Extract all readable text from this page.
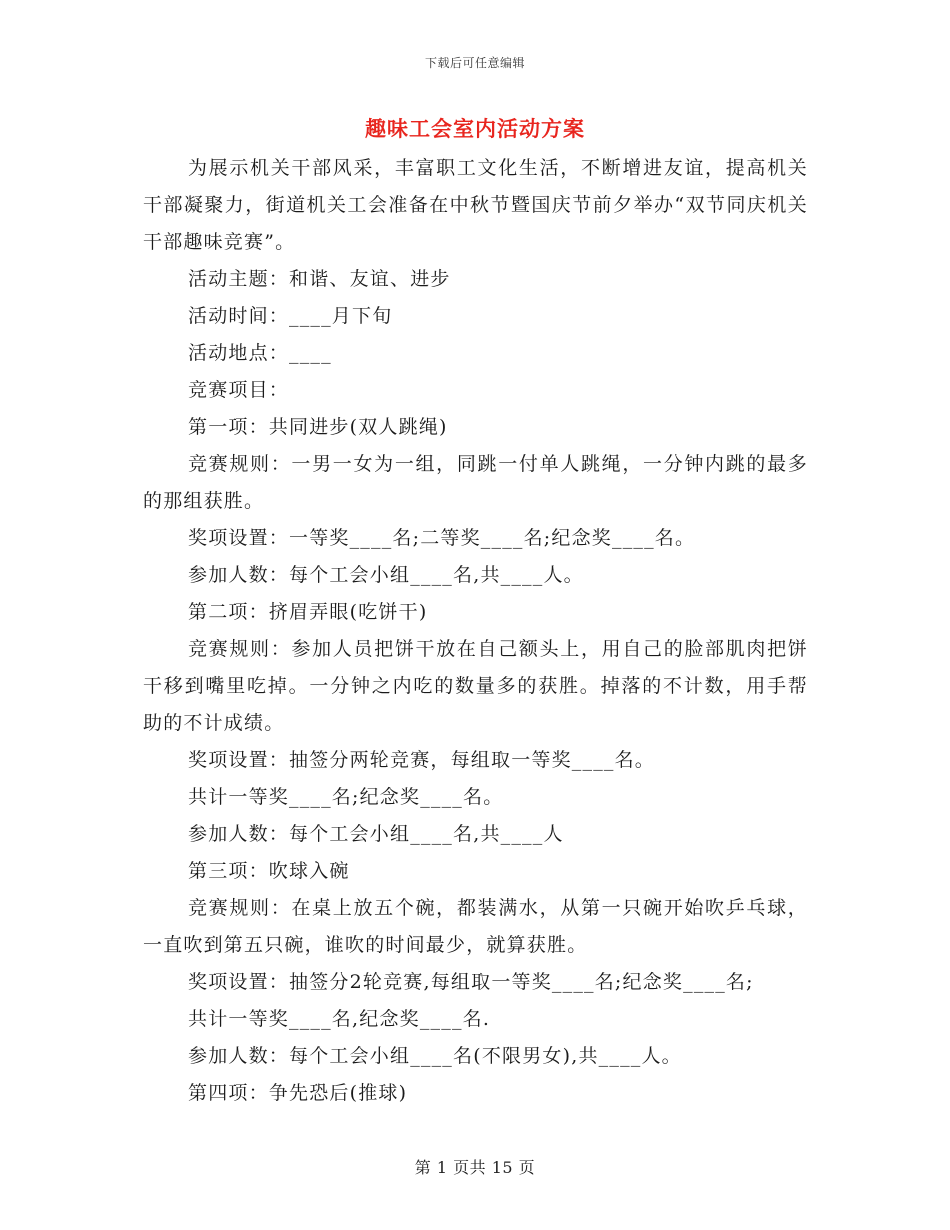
下载后可任意编辑
趣味工会室内活动方案

为展示机关干部风采，丰富职工文化生活，不断增进友谊，提高机关干部凝聚力，街道机关工会准备在中秋节暨国庆节前夕举办“双节同庆机关干部趣味竞赛”。

活动主题：和谐、友谊、进步

活动时间：____月下旬

活动地点：____

竞赛项目：

第一项：共同进步(双人跳绳)

竞赛规则：一男一女为一组，同跳一付单人跳绳，一分钟内跳的最多的那组获胜。

奖项设置：一等奖____名;二等奖____名;纪念奖____名。

参加人数：每个工会小组____名,共____人。

第二项：挤眉弄眼(吃饼干)

竞赛规则：参加人员把饼干放在自己额头上，用自己的脸部肌肉把饼干移到嘴里吃掉。一分钟之内吃的数量多的获胜。掉落的不计数，用手帮助的不计成绩。

奖项设置：抽签分两轮竞赛，每组取一等奖____名。

共计一等奖____名;纪念奖____名。

参加人数：每个工会小组____名,共____人

第三项：吹球入碗

竞赛规则：在桌上放五个碗，都装满水，从第一只碗开始吹乒乓球，一直吹到第五只碗，谁吹的时间最少，就算获胜。

奖项设置：抽签分2轮竞赛,每组取一等奖____名;纪念奖____名;

共计一等奖____名,纪念奖____名.

参加人数：每个工会小组____名(不限男女),共____人。

第四项：争先恐后(推球)

第 1 页共 15 页
